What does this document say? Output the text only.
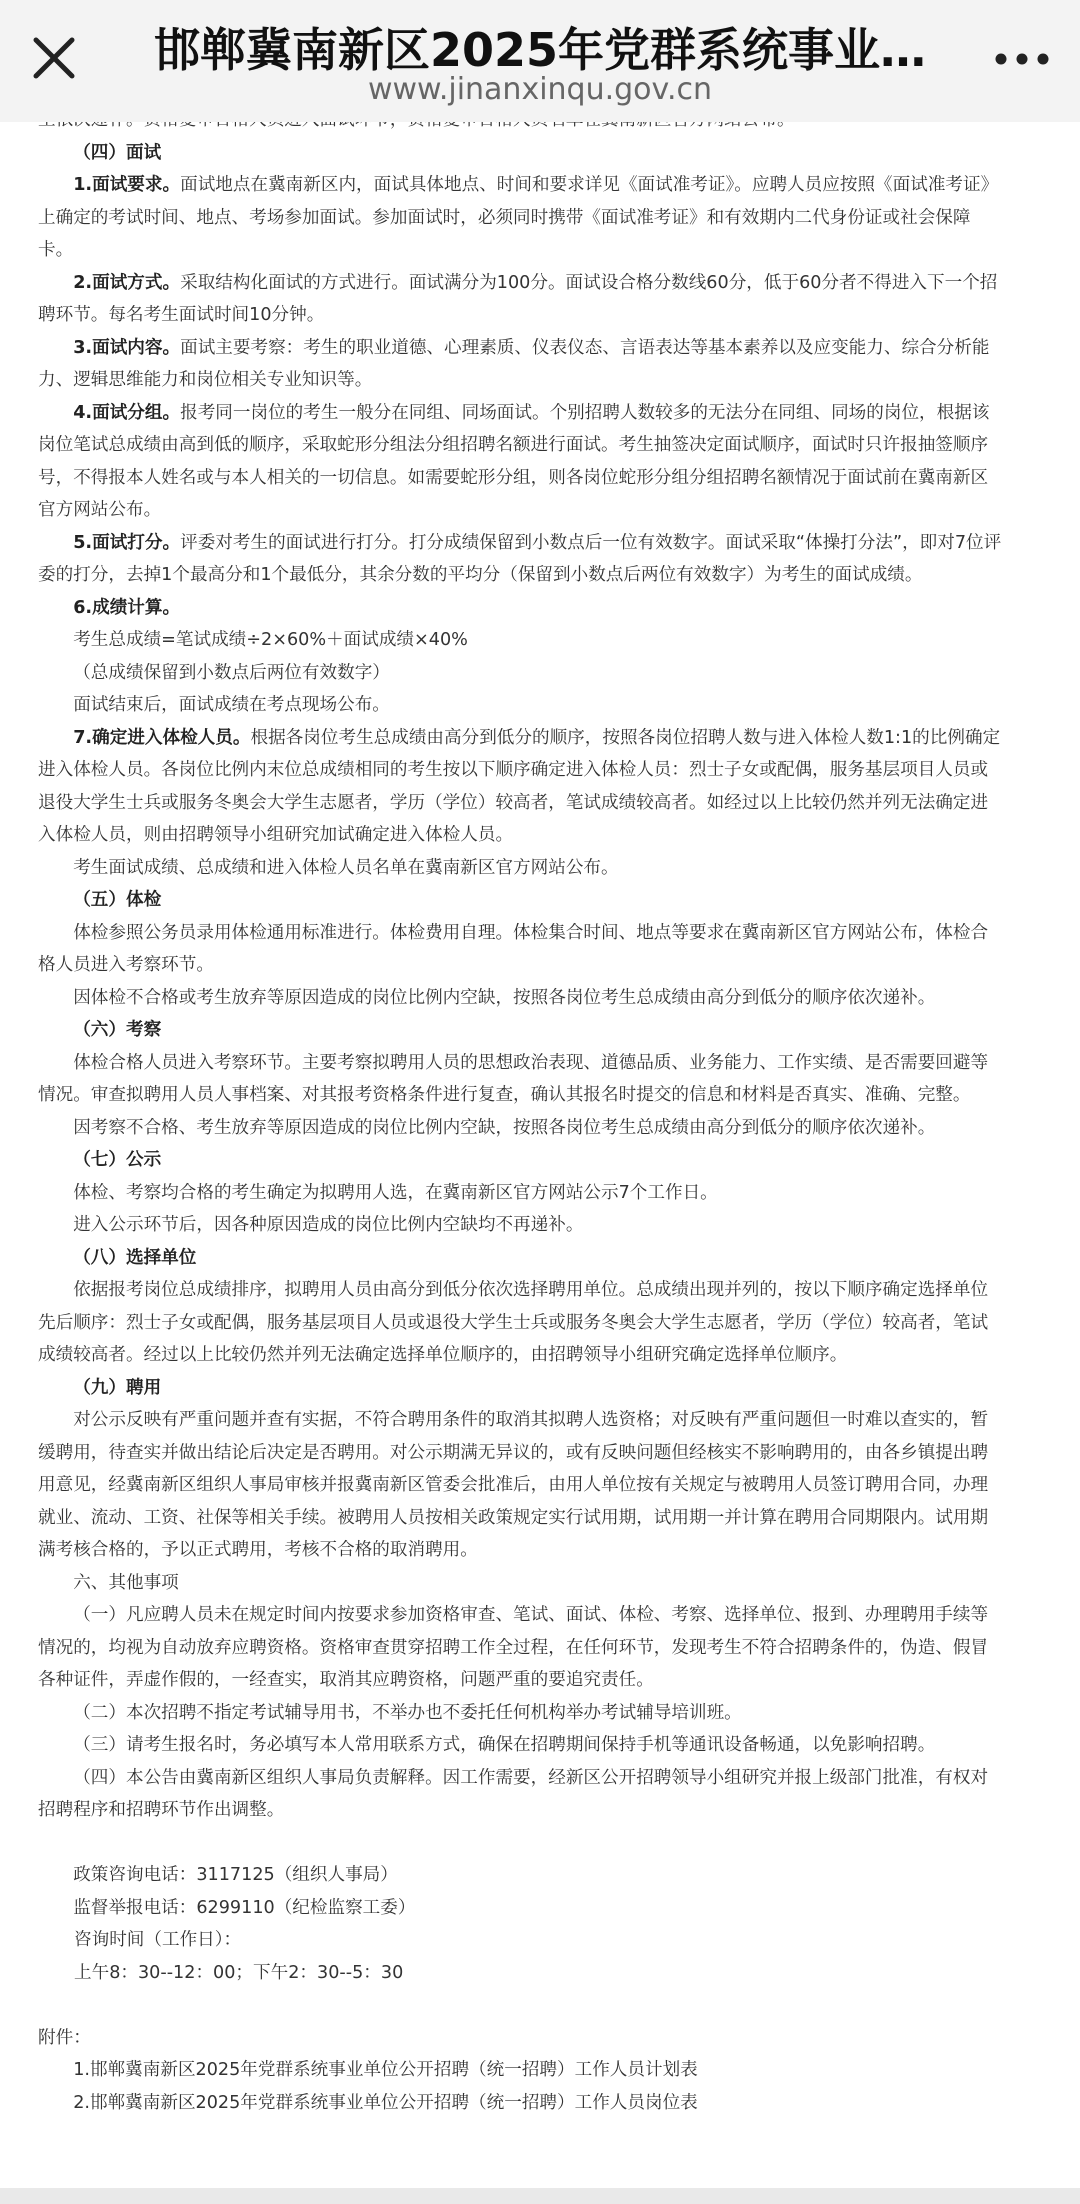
邯郸冀南新区2025年党群系统事业…
www.jinanxinqu.gov.cn

（四）面试

1.面试要求。面试地点在冀南新区内，面试具体地点、时间和要求详见《面试准考证》。应聘人员应按照《面试准考证》上确定的考试时间、地点、考场参加面试。参加面试时，必须同时携带《面试准考证》和有效期内二代身份证或社会保障卡。

2.面试方式。采取结构化面试的方式进行。面试满分为100分。面试设合格分数线60分，低于60分者不得进入下一个招聘环节。每名考生面试时间10分钟。

3.面试内容。面试主要考察：考生的职业道德、心理素质、仪表仪态、言语表达等基本素养以及应变能力、综合分析能力、逻辑思维能力和岗位相关专业知识等。

4.面试分组。报考同一岗位的考生一般分在同组、同场面试。个别招聘人数较多的无法分在同组、同场的岗位，根据该岗位笔试总成绩由高到低的顺序，采取蛇形分组法分组招聘名额进行面试。考生抽签决定面试顺序，面试时只许报抽签顺序号，不得报本人姓名或与本人相关的一切信息。如需要蛇形分组，则各岗位蛇形分组分组招聘名额情况于面试前在冀南新区官方网站公布。

5.面试打分。评委对考生的面试进行打分。打分成绩保留到小数点后一位有效数字。面试采取“体操打分法”，即对7位评委的打分，去掉1个最高分和1个最低分，其余分数的平均分（保留到小数点后两位有效数字）为考生的面试成绩。

6.成绩计算。

考生总成绩=笔试成绩÷2×60%＋面试成绩×40%

（总成绩保留到小数点后两位有效数字）

面试结束后，面试成绩在考点现场公布。

7.确定进入体检人员。根据各岗位考生总成绩由高分到低分的顺序，按照各岗位招聘人数与进入体检人数1:1的比例确定进入体检人员。各岗位比例内末位总成绩相同的考生按以下顺序确定进入体检人员：烈士子女或配偶，服务基层项目人员或退役大学生士兵或服务冬奥会大学生志愿者，学历（学位）较高者，笔试成绩较高者。如经过以上比较仍然并列无法确定进入体检人员，则由招聘领导小组研究加试确定进入体检人员。

考生面试成绩、总成绩和进入体检人员名单在冀南新区官方网站公布。

（五）体检

体检参照公务员录用体检通用标准进行。体检费用自理。体检集合时间、地点等要求在冀南新区官方网站公布，体检合格人员进入考察环节。

因体检不合格或考生放弃等原因造成的岗位比例内空缺，按照各岗位考生总成绩由高分到低分的顺序依次递补。

（六）考察

体检合格人员进入考察环节。主要考察拟聘用人员的思想政治表现、道德品质、业务能力、工作实绩、是否需要回避等情况。审查拟聘用人员人事档案、对其报考资格条件进行复查，确认其报名时提交的信息和材料是否真实、准确、完整。

因考察不合格、考生放弃等原因造成的岗位比例内空缺，按照各岗位考生总成绩由高分到低分的顺序依次递补。

（七）公示

体检、考察均合格的考生确定为拟聘用人选，在冀南新区官方网站公示7个工作日。

进入公示环节后，因各种原因造成的岗位比例内空缺均不再递补。

（八）选择单位

依据报考岗位总成绩排序，拟聘用人员由高分到低分依次选择聘用单位。总成绩出现并列的，按以下顺序确定选择单位先后顺序：烈士子女或配偶，服务基层项目人员或退役大学生士兵或服务冬奥会大学生志愿者，学历（学位）较高者，笔试成绩较高者。经过以上比较仍然并列无法确定选择单位顺序的，由招聘领导小组研究确定选择单位顺序。

（九）聘用

对公示反映有严重问题并查有实据，不符合聘用条件的取消其拟聘人选资格；对反映有严重问题但一时难以查实的，暂缓聘用，待查实并做出结论后决定是否聘用。对公示期满无异议的，或有反映问题但经核实不影响聘用的，由各乡镇提出聘用意见，经冀南新区组织人事局审核并报冀南新区管委会批准后，由用人单位按有关规定与被聘用人员签订聘用合同，办理就业、流动、工资、社保等相关手续。被聘用人员按相关政策规定实行试用期，试用期一并计算在聘用合同期限内。试用期满考核合格的，予以正式聘用，考核不合格的取消聘用。

六、其他事项

（一）凡应聘人员未在规定时间内按要求参加资格审查、笔试、面试、体检、考察、选择单位、报到、办理聘用手续等情况的，均视为自动放弃应聘资格。资格审查贯穿招聘工作全过程，在任何环节，发现考生不符合招聘条件的，伪造、假冒各种证件，弄虚作假的，一经查实，取消其应聘资格，问题严重的要追究责任。

（二）本次招聘不指定考试辅导用书，不举办也不委托任何机构举办考试辅导培训班。

（三）请考生报名时，务必填写本人常用联系方式，确保在招聘期间保持手机等通讯设备畅通，以免影响招聘。

（四）本公告由冀南新区组织人事局负责解释。因工作需要，经新区公开招聘领导小组研究并报上级部门批准，有权对招聘程序和招聘环节作出调整。

政策咨询电话：3117125（组织人事局）

监督举报电话：6299110（纪检监察工委）

咨询时间（工作日）：

上午8：30--12：00；下午2：30--5：30

附件：

1.邯郸冀南新区2025年党群系统事业单位公开招聘（统一招聘）工作人员计划表

2.邯郸冀南新区2025年党群系统事业单位公开招聘（统一招聘）工作人员岗位表
